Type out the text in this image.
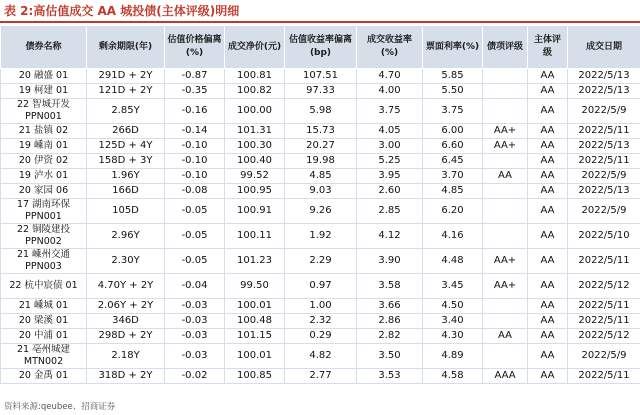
表 2:高估值成交 AA 城投债(主体评级)明细
债券名称	剩余期限(年)	估值价格偏离(%)	成交净价(元)	估值收益率偏离(bp)	成交收益率(%)	票面利率(%)	债项评级	主体评级	成交日期
20 融盛 01	291D + 2Y	-0.87	100.81	107.51	4.70	5.85		AA	2022/5/13
19 柯建 01	121D + 2Y	-0.35	100.82	97.33	4.00	5.50		AA	2022/5/13
22 智城开发 PPN001	2.85Y	-0.16	100.00	5.98	3.75	3.75		AA	2022/5/9
21 盐镇 02	266D	-0.14	101.31	15.73	4.05	6.00	AA+	AA	2022/5/11
19 嵊南 01	125D + 4Y	-0.10	100.30	20.27	3.00	6.60	AA+	AA	2022/5/13
20 伊资 02	158D + 3Y	-0.10	100.40	19.98	5.25	6.45		AA	2022/5/11
19 泸水 01	1.96Y	-0.10	99.52	4.85	3.95	3.70	AA	AA	2022/5/9
20 家园 06	166D	-0.08	100.95	9.03	2.60	4.85		AA	2022/5/13
17 湖南环保 PPN001	105D	-0.05	100.91	9.26	2.85	6.20		AA	2022/5/9
22 铜陵建投 PPN002	2.96Y	-0.05	100.11	1.92	4.12	4.16		AA	2022/5/10
21 嵊州交通 PPN003	2.30Y	-0.05	101.23	2.29	3.90	4.48	AA+	AA	2022/5/11
22 杭中宸债 01	4.70Y + 2Y	-0.04	99.50	0.97	3.58	3.45	AA+	AA	2022/5/12
21 嵊城 01	2.06Y + 2Y	-0.03	100.01	1.00	3.66	4.50		AA	2022/5/11
20 梁溪 01	346D	-0.03	100.48	2.32	2.86	3.40		AA	2022/5/11
20 中浦 01	298D + 2Y	-0.03	101.15	0.29	2.82	4.30	AA	AA	2022/5/12
21 亳州城建 MTN002	2.18Y	-0.03	100.01	4.82	3.50	4.89		AA	2022/5/9
20 金禹 01	318D + 2Y	-0.02	100.85	2.77	3.53	4.58	AAA	AA	2022/5/11
资料来源:qeubee、招商证券
